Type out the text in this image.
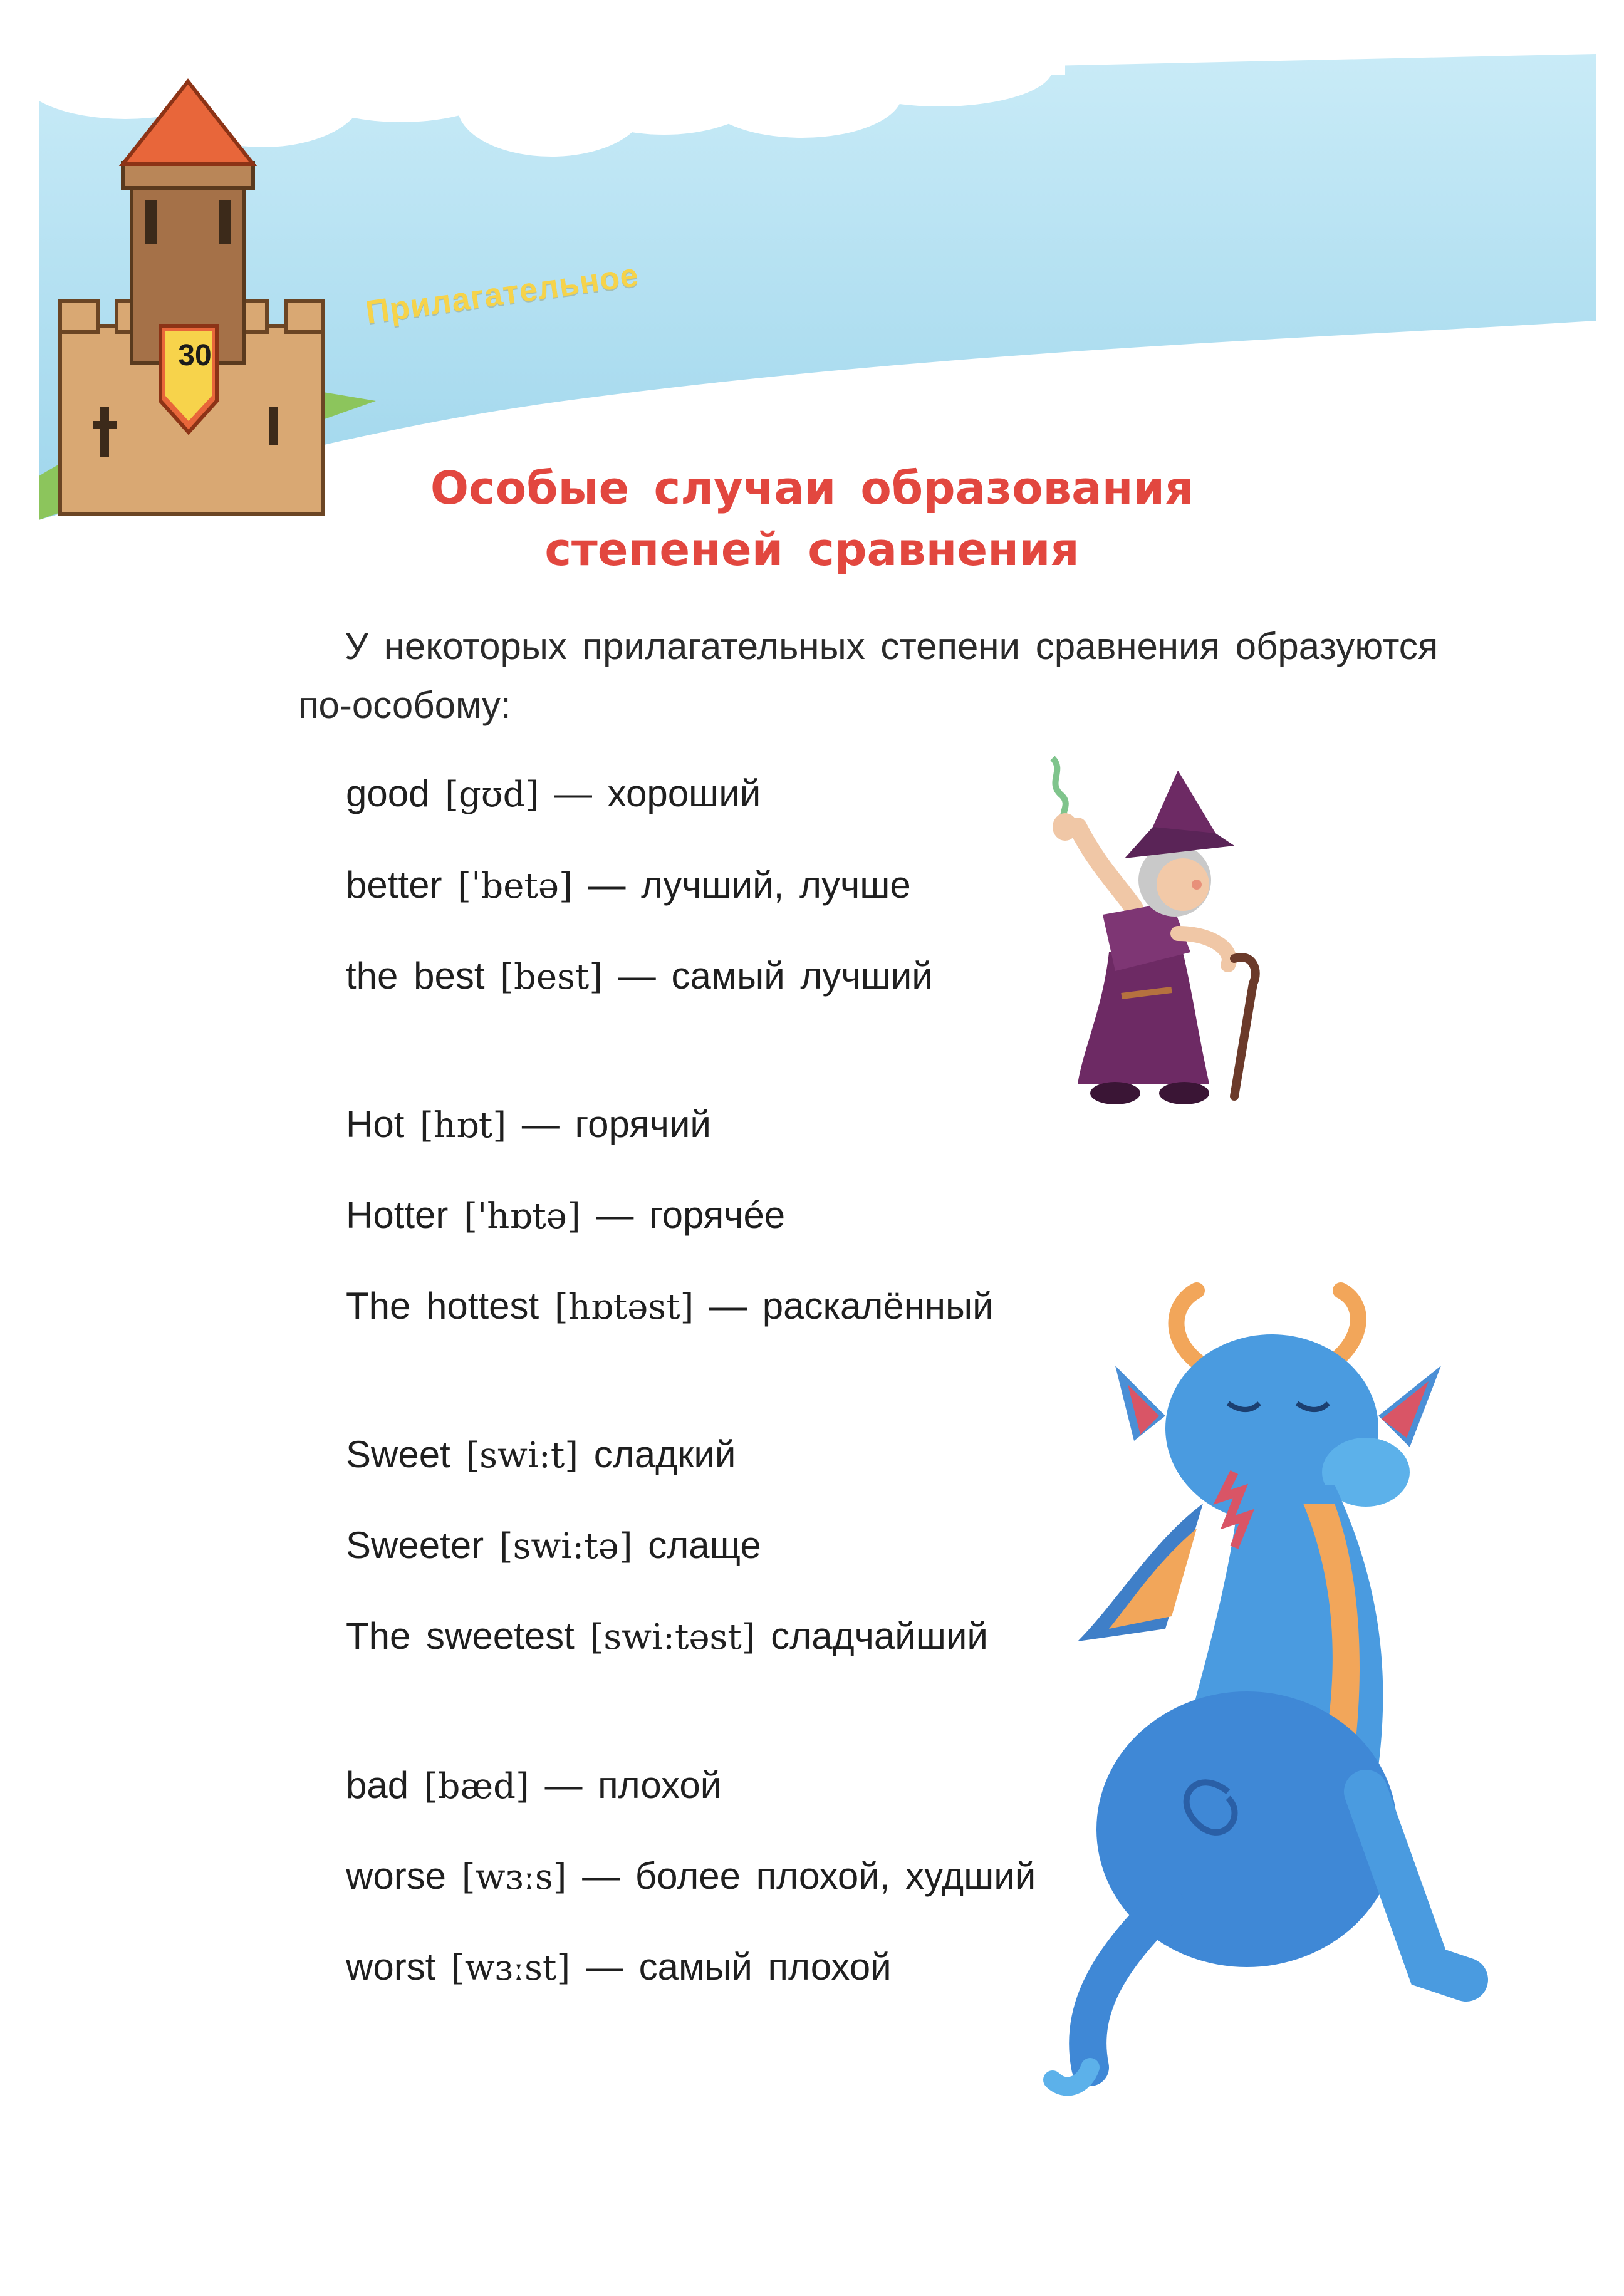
30
Прилагательное
Особые случаи образования
степеней сравнения
У некоторых прилагательных степени сравнения образуются по-особому:
good [gʊd] — хороший
better [ˈbetə] — лучший, лучше
the best [best] — самый лучший
Hot [hɒt] — горячий
Hotter ['hɒtə] — горячéе
The hottest [hɒtəst] — раскалённый
Sweet [swi:t] сладкий
Sweeter [swi:tə] слаще
The sweetest [swi:təst] сладчайший
bad [bæd] — плохой
worse [wɜːs] — более плохой, худший
worst [wɜːst] — самый плохой
